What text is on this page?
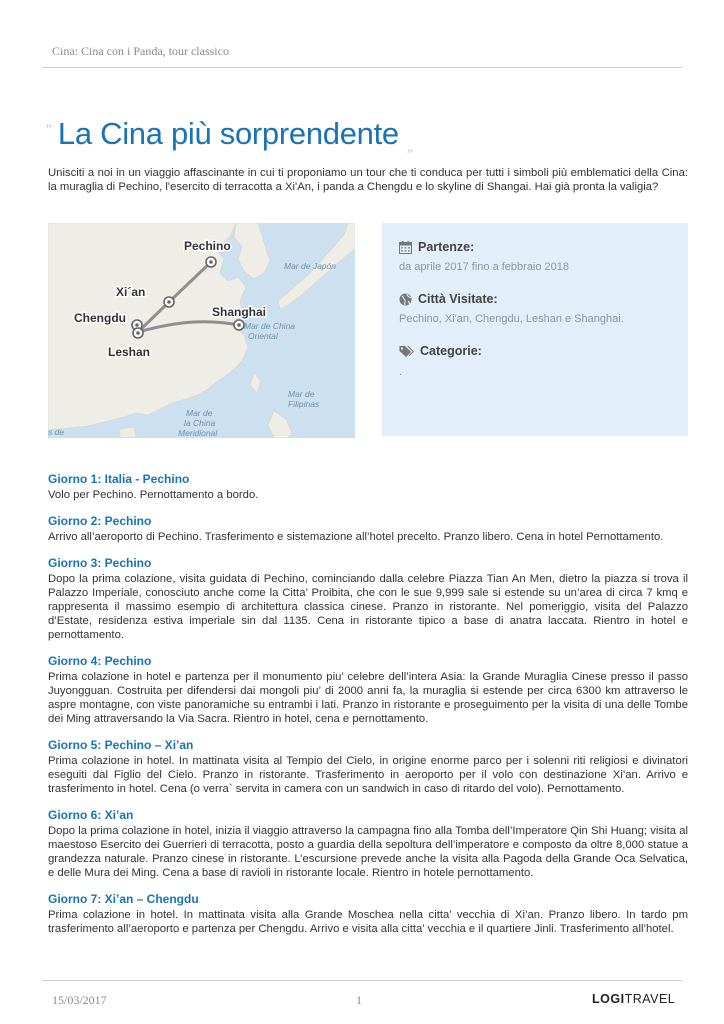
Cina: Cina con i Panda, tour classico
“ La Cina più sorprendente $_„$
Unisciti a noi in un viaggio affascinante in cui ti proponiamo un tour che ti conduca per tutti i simboli più emblematici della Cina: la muraglia di Pechino, l'esercito di terracotta a Xi'An, i panda a Chengdu e lo skyline di Shangai. Hai già pronta la valigia?
Pechino
Xi´an
Chengdu	Shanghai
Leshan
Mar de Japón
Mar de China
Oriental
Mar de
Filipinas
Mar de
la China
Meridional
s de
Partenze:
da aprile 2017 fino a febbraio 2018
Città Visitate:
Pechino, Xi'an, Chengdu, Leshan e Shanghai.
Categorie:
.
Giorno 1: Italia - Pechino

Volo per Pechino. Pernottamento a bordo.

Giorno 2: Pechino

Arrivo all’aeroporto di Pechino. Trasferimento e sistemazione all’hotel precelto. Pranzo libero. Cena in hotel Pernottamento.

Giorno 3: Pechino

Dopo la prima colazione, visita guidata di Pechino, cominciando dalla celebre Piazza Tian An Men, dietro la piazza si trova il Palazzo Imperiale, conosciuto anche come la Citta’ Proibita, che con le sue 9,999 sale si estende su un’area di circa 7 kmq e rappresenta il massimo esempio di architettura classica cinese. Pranzo in ristorante. Nel pomeriggio, visita del Palazzo d’Estate, residenza estiva imperiale sin dal 1135. Cena in ristorante tipico a base di anatra laccata. Rientro in hotel e pernottamento.

Giorno 4: Pechino

Prima colazione in hotel e partenza per il monumento piu’ celebre dell’intera Asia: la Grande Muraglia Cinese presso il passo Juyongguan. Costruita per difendersi dai mongoli piu’ di 2000 anni fa, la muraglia si estende per circa 6300 km attraverso le aspre montagne, con viste panoramiche su entrambi i lati. Pranzo in ristorante e proseguimento per la visita di una delle Tombe dei Ming attraversando la Via Sacra. Rientro in hotel, cena e pernottamento.

Giorno 5: Pechino – Xi’an

Prima colazione in hotel. In mattinata visita al Tempio del Cielo, in origine enorme parco per i solenni riti religiosi e divinatori eseguiti dal Figlio del Cielo. Pranzo in ristorante. Trasferimento in aeroporto per il volo con destinazione Xi’an. Arrivo e trasferimento in hotel. Cena (o verra` servita in camera con un sandwich in caso di ritardo del volo). Pernottamento.

Giorno 6: Xi’an

Dopo la prima colazione in hotel, inizia il viaggio attraverso la campagna fino alla Tomba dell’Imperatore Qin Shi Huang; visita al maestoso Esercito dei Guerrieri di terracotta, posto a guardia della sepoltura dell’imperatore e composto da oltre 8,000 statue a grandezza naturale. Pranzo cinese in ristorante. L’escursione prevede anche la visita alla Pagoda della Grande Oca Selvatica, e delle Mura dei Ming. Cena a base di ravioli in ristorante locale. Rientro in hotele pernottamento.

Giorno 7: Xi’an – Chengdu

Prima colazione in hotel. In mattinata visita alla Grande Moschea nella citta’ vecchia di Xi’an. Pranzo libero. In tardo pm trasferimento all’aeroporto e partenza per Chengdu. Arrivo e visita alla citta’ vecchia e il quartiere Jinli. Trasferimento all’hotel.

15/03/2017	1	LOGITRAVEL
